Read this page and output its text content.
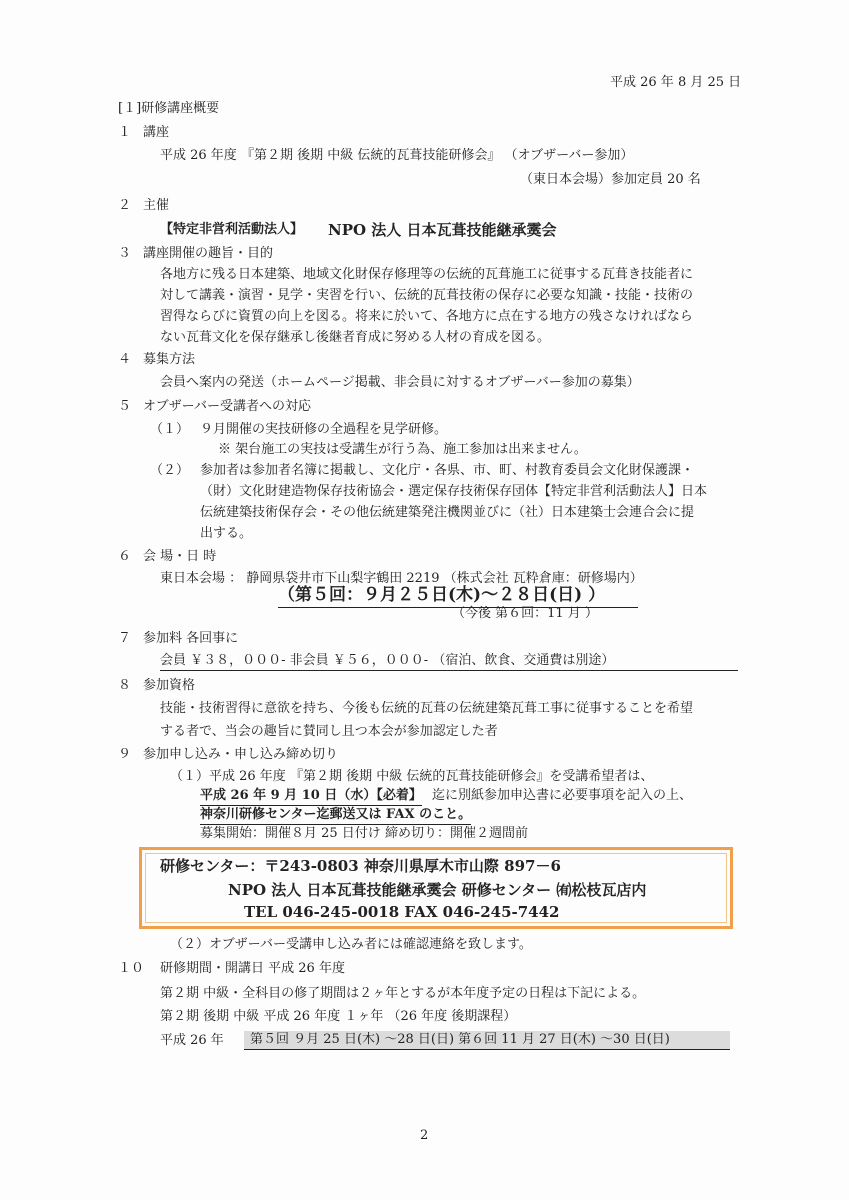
平成 26 年 8 月 25 日
[１]研修講座概要
１ 講座
平成 26 年度 『第２期 後期 中級 伝統的瓦葺技能研修会』 （オブザーバー参加）
（東日本会場）参加定員 20 名
２ 主催
【特定非営利活動法人】 NPO 法人 日本瓦葺技能継承霙会
３ 講座開催の趣旨・目的
各地方に残る日本建築、地域文化財保存修理等の伝統的瓦葺施工に従事する瓦葺き技能者に
対して講義・演習・見学・実習を行い、伝統的瓦葺技術の保存に必要な知識・技能・技術の
習得ならびに資質の向上を図る。将来に於いて、各地方に点在する地方の残さなければなら
ない瓦葺文化を保存継承し後継者育成に努める人材の育成を図る。
４ 募集方法
会員へ案内の発送（ホームページ掲載、非会員に対するオブザーバー参加の募集）
５ オブザーバー受講者への対応
（１） ９月開催の実技研修の全過程を見学研修。
※ 架台施工の実技は受講生が行う為、施工参加は出来ません。
（２） 参加者は参加者名簿に掲載し、文化庁・各県、市、町、村教育委員会文化財保護課・
（財）文化財建造物保存技術協会・選定保存技術保存団体【特定非営利活動法人】日本
伝統建築技術保存会・その他伝統建築発注機関並びに（社）日本建築士会連合会に提
出する。
６ 会 場・日 時
東日本会場 ： 静岡県袋井市下山梨字鶴田 2219 （株式会社 瓦粋倉庫：研修場内）
（第５回：９月２５日(木)～２８日(日) ）
（今後 第６回：11 月 ）
７ 参加料 各回事に
会員 ￥３８，０００- 非会員 ￥５６，０００- （宿泊、飲食、交通費は別途）
８ 参加資格
技能・技術習得に意欲を持ち、今後も伝統的瓦葺の伝統建築瓦葺工事に従事することを希望
する者で、当会の趣旨に賛同し且つ本会が参加認定した者
９ 参加申し込み・申し込み締め切り
（１）平成 26 年度 『第２期 後期 中級 伝統的瓦葺技能研修会』を受講希望者は、
平成 26 年 9 月 10 日（水）【必着】 迄に別紙参加申込書に必要事項を記入の上、
神奈川研修センター迄郵送又は FAX のこと。
募集開始：開催８月 25 日付け 締め切り：開催２週間前
研修センター：〒243-0803 神奈川県厚木市山際 897－6
NPO 法人 日本瓦葺技能継承霙会 研修センター ㈲松枝瓦店内
TEL 046-245-0018 FAX 046-245-7442
（２）オブザーバー受講申し込み者には確認連絡を致します。
１０ 研修期間・開講日 平成 26 年度
第２期 中級・全科目の修了期間は２ヶ年とするが本年度予定の日程は下記による。
第２期 後期 中級 平成 26 年度 １ヶ年 （26 年度 後期課程）
平成 26 年	第５回 ９月 25 日(木) ～28 日(日) 第６回 11 月 27 日(木) ～30 日(日)
2
